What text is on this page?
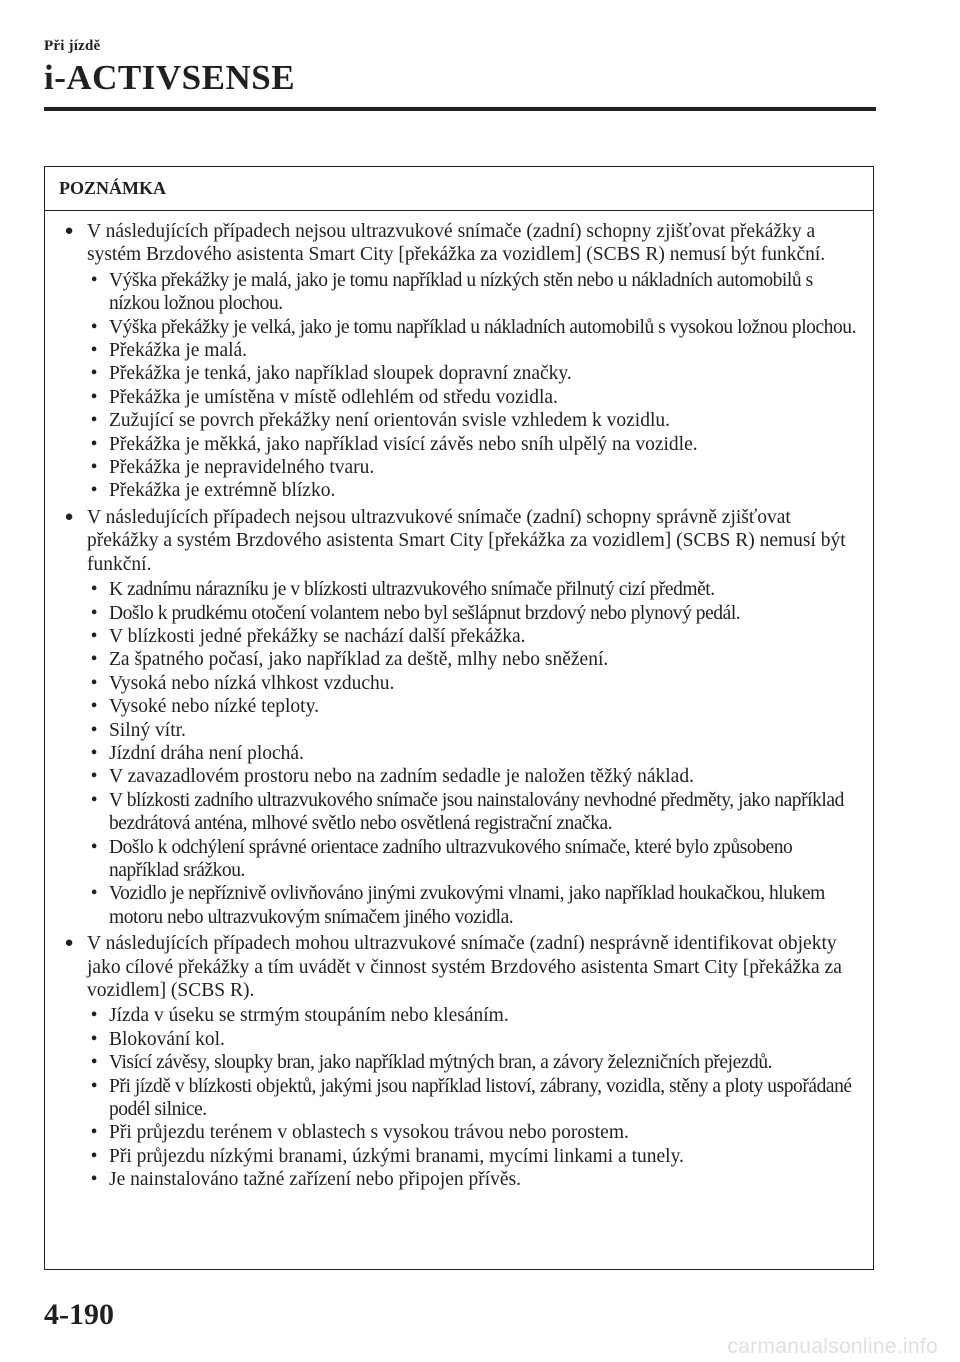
Při jízdě
i-ACTIVSENSE
POZNÁMKA
● V následujících případech nejsou ultrazvukové snímače (zadní) schopny zjišťovat překážky a systém Brzdového asistenta Smart City [překážka za vozidlem] (SCBS R) nemusí být funkční.
• Výška překážky je malá, jako je tomu například u nízkých stěn nebo u nákladních automobilů s nízkou ložnou plochou.
• Výška překážky je velká, jako je tomu například u nákladních automobilů s vysokou ložnou plochou.
• Překážka je malá.
• Překážka je tenká, jako například sloupek dopravní značky.
• Překážka je umístěna v místě odlehlém od středu vozidla.
• Zužující se povrch překážky není orientován svisle vzhledem k vozidlu.
• Překážka je měkká, jako například visící závěs nebo sníh ulpělý na vozidle.
• Překážka je nepravidelného tvaru.
• Překážka je extrémně blízko.
● V následujících případech nejsou ultrazvukové snímače (zadní) schopny správně zjišťovat překážky a systém Brzdového asistenta Smart City [překážka za vozidlem] (SCBS R) nemusí být funkční.
• K zadnímu nárazníku je v blízkosti ultrazvukového snímače přilnutý cizí předmět.
• Došlo k prudkému otočení volantem nebo byl sešlápnut brzdový nebo plynový pedál.
• V blízkosti jedné překážky se nachází další překážka.
• Za špatného počasí, jako například za deště, mlhy nebo sněžení.
• Vysoká nebo nízká vlhkost vzduchu.
• Vysoké nebo nízké teploty.
• Silný vítr.
• Jízdní dráha není plochá.
• V zavazadlovém prostoru nebo na zadním sedadle je naložen těžký náklad.
• V blízkosti zadního ultrazvukového snímače jsou nainstalovány nevhodné předměty, jako například bezdrátová anténa, mlhové světlo nebo osvětlená registrační značka.
• Došlo k odchýlení správné orientace zadního ultrazvukového snímače, které bylo způsobeno například srážkou.
• Vozidlo je nepříznivě ovlivňováno jinými zvukovými vlnami, jako například houkačkou, hlukem motoru nebo ultrazvukovým snímačem jiného vozidla.
● V následujících případech mohou ultrazvukové snímače (zadní) nesprávně identifikovat objekty jako cílové překážky a tím uvádět v činnost systém Brzdového asistenta Smart City [překážka za vozidlem] (SCBS R).
• Jízda v úseku se strmým stoupáním nebo klesáním.
• Blokování kol.
• Visící závěsy, sloupky bran, jako například mýtných bran, a závory železničních přejezdů.
• Při jízdě v blízkosti objektů, jakými jsou například listoví, zábrany, vozidla, stěny a ploty uspořádané podél silnice.
• Při průjezdu terénem v oblastech s vysokou trávou nebo porostem.
• Při průjezdu nízkými branami, úzkými branami, mycími linkami a tunely.
• Je nainstalováno tažné zařízení nebo připojen přívěs.
4-190
carmanualsonline.info
